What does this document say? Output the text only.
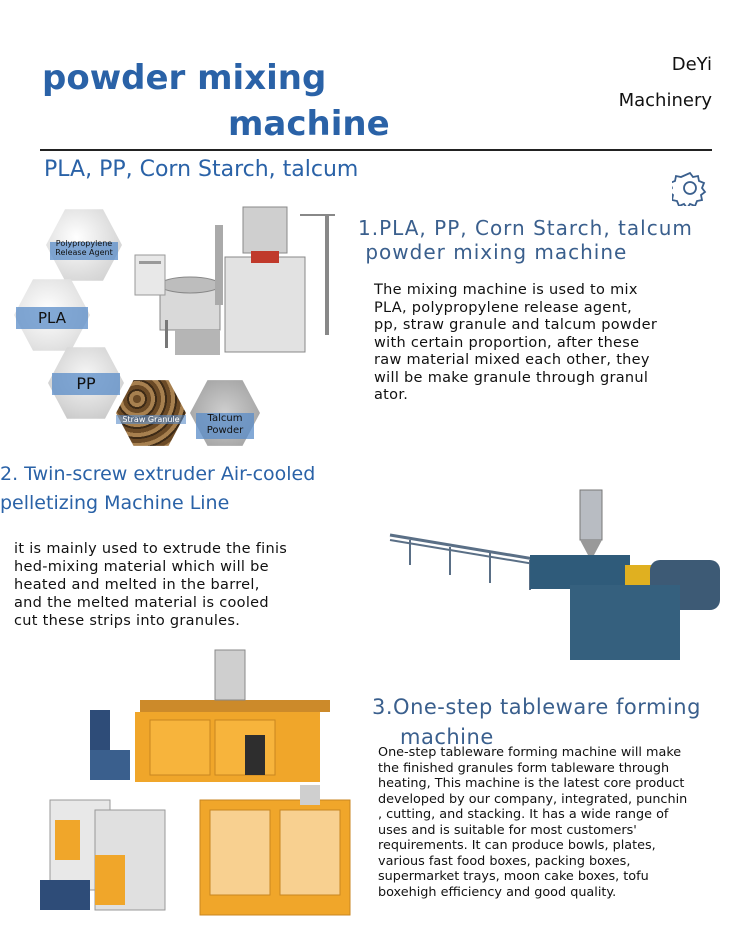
powder mixing
machine
DeYi
Machinery
PLA, PP, Corn Starch, talcum
1.PLA, PP, Corn Starch, talcum
powder mixing machine
The mixing machine is used to mix
PLA, polypropylene release agent,
pp, straw granule and talcum powder
with certain proportion, after these
raw material mixed each other, they
will be make granule through granul
ator.
Polypropylene Release Agent
PLA
PP
Straw Granule	Talcum Powder
2. Twin-screw extruder Air-cooled
pelletizing Machine Line
it is mainly used to extrude the finis
hed-mixing material which will be
heated and melted in the barrel,
and the melted material is cooled
cut these strips into granules.
3.One-step tableware forming
machine
One-step tableware forming machine will make
the finished granules form tableware through
heating, This machine is the latest core product
developed by our company, integrated, punchin
, cutting, and stacking. It has a wide range of
uses and is suitable for most customers'
requirements. It can produce bowls, plates,
various fast food boxes, packing boxes,
supermarket trays, moon cake boxes, tofu
boxehigh efficiency and good quality.
